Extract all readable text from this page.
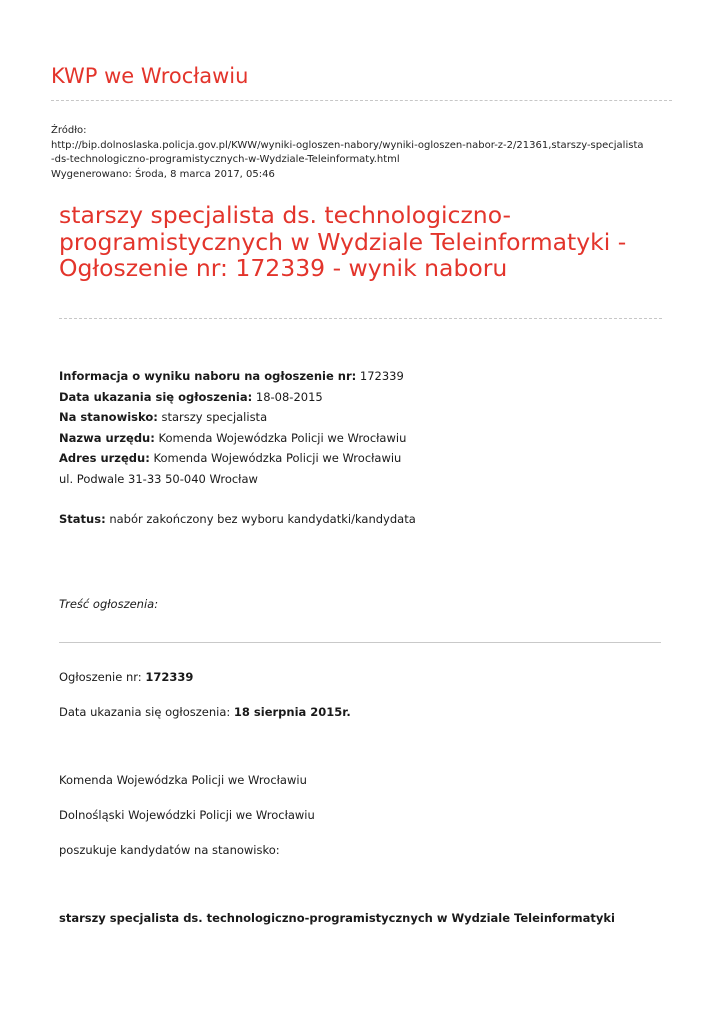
KWP we Wrocławiu
Źródło:
http://bip.dolnoslaska.policja.gov.pl/KWW/wyniki-ogloszen-nabory/wyniki-ogloszen-nabor-z-2/21361,starszy-specjalista
-ds-technologiczno-programistycznych-w-Wydziale-Teleinformaty.html
Wygenerowano: Środa, 8 marca 2017, 05:46
starszy specjalista ds. technologiczno-programistycznych w Wydziale Teleinformatyki - Ogłoszenie nr: 172339 - wynik naboru
Informacja o wyniku naboru na ogłoszenie nr: 172339
Data ukazania się ogłoszenia: 18-08-2015
Na stanowisko: starszy specjalista
Nazwa urzędu: Komenda Wojewódzka Policji we Wrocławiu
Adres urzędu: Komenda Wojewódzka Policji we Wrocławiu
ul. Podwale 31-33 50-040 Wrocław
Status: nabór zakończony bez wyboru kandydatki/kandydata
Treść ogłoszenia:
Ogłoszenie nr: 172339
Data ukazania się ogłoszenia: 18 sierpnia 2015r.
Komenda Wojewódzka Policji we Wrocławiu
Dolnośląski Wojewódzki Policji we Wrocławiu
poszukuje kandydatów na stanowisko:
starszy specjalista ds. technologiczno-programistycznych w Wydziale Teleinformatyki
